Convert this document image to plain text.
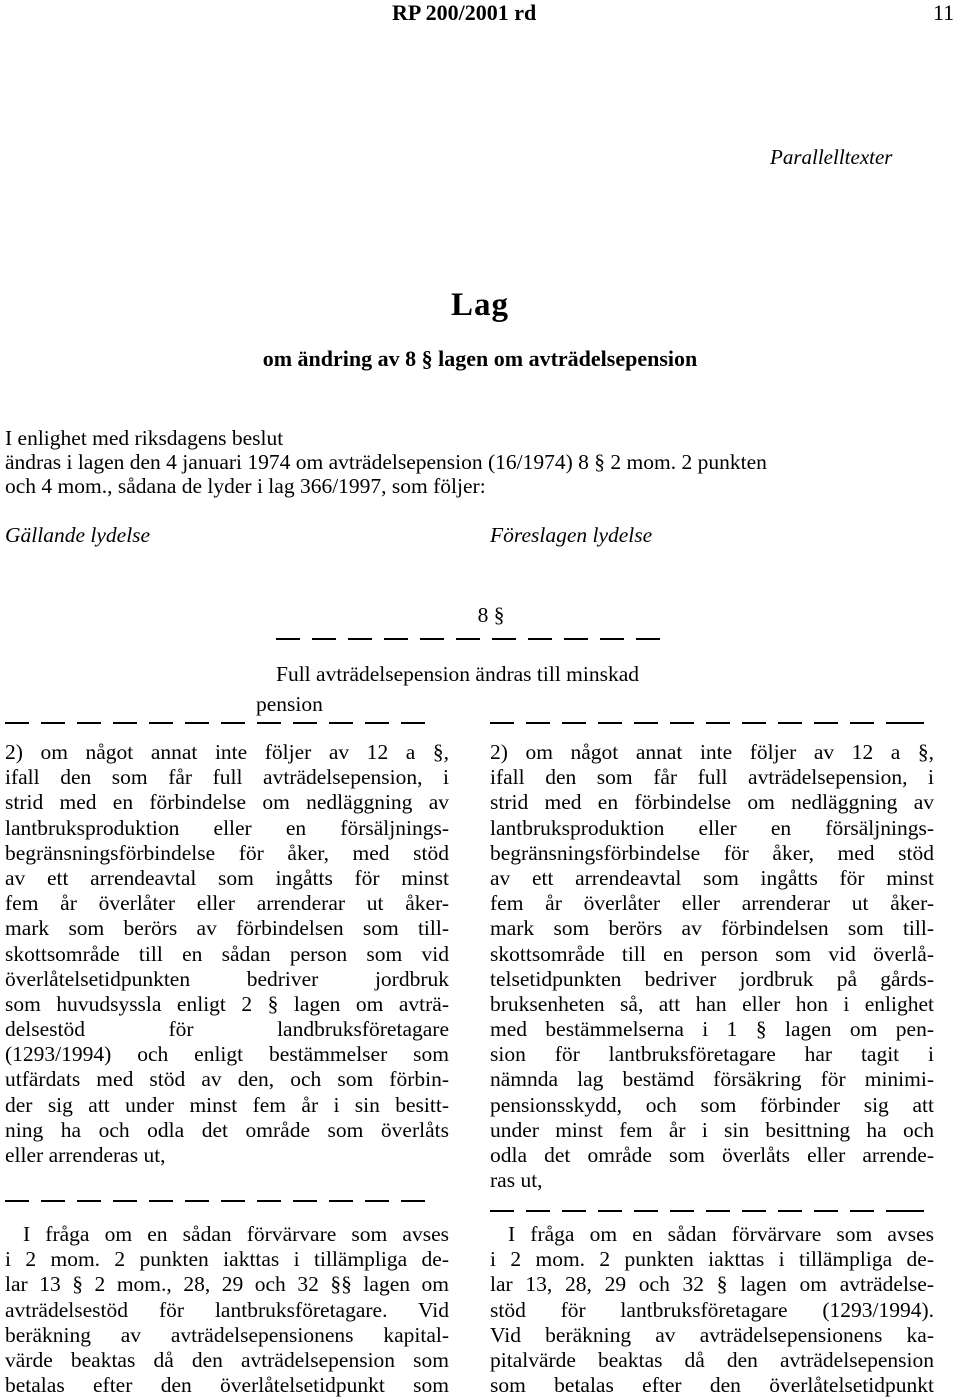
RP 200/2001 rd	11
Parallelltexter
Lag
om ändring av 8 § lagen om avträdelsepension
I enlighet med riksdagens beslut
ändras i lagen den 4 januari 1974 om avträdelsepension (16/1974) 8 § 2 mom. 2 punkten
och 4 mom., sådana de lyder i lag 366/1997, som följer:
Gällande lydelse	Föreslagen lydelse
8 §
Full avträdelsepension ändras till minskad
pension
2) om något annat inte följer av 12 a §,
ifall den som får full avträdelsepension, i
strid med en förbindelse om nedläggning av
lantbruksproduktion eller en försäljnings-
begränsningsförbindelse för åker, med stöd
av ett arrendeavtal som ingåtts för minst
fem år överlåter eller arrenderar ut åker-
mark som berörs av förbindelsen som till-
skottsområde till en sådan person som vid
överlåtelsetidpunkten bedriver jordbruk
som huvudsyssla enligt 2 § lagen om avträ-
delsestöd för landbruksföretagare
(1293/1994) och enligt bestämmelser som
utfärdats med stöd av den, och som förbin-
der sig att under minst fem år i sin besitt-
ning ha och odla det område som överlåts
eller arrenderas ut,
2) om något annat inte följer av 12 a §,
ifall den som får full avträdelsepension, i
strid med en förbindelse om nedläggning av
lantbruksproduktion eller en försäljnings-
begränsningsförbindelse för åker, med stöd
av ett arrendeavtal som ingåtts för minst
fem år överlåter eller arrenderar ut åker-
mark som berörs av förbindelsen som till-
skottsområde till en person som vid överlå-
telsetidpunkten bedriver jordbruk på gårds-
bruksenheten så, att han eller hon i enlighet
med bestämmelserna i 1 § lagen om pen-
sion för lantbruksföretagare har tagit i
nämnda lag bestämd försäkring för minimi-
pensionsskydd, och som förbinder sig att
under minst fem år i sin besittning ha och
odla det område som överlåts eller arrende-
ras ut,
I fråga om en sådan förvärvare som avses
i 2 mom. 2 punkten iakttas i tillämpliga de-
lar 13 § 2 mom., 28, 29 och 32 §§ lagen om
avträdelsestöd för lantbruksföretagare. Vid
beräkning av avträdelsepensionens kapital-
värde beaktas då den avträdelsepension som
betalas efter den överlåtelsetidpunkt som
I fråga om en sådan förvärvare som avses
i 2 mom. 2 punkten iakttas i tillämpliga de-
lar 13, 28, 29 och 32 § lagen om avträdelse-
stöd för lantbruksföretagare (1293/1994).
Vid beräkning av avträdelsepensionens ka-
pitalvärde beaktas då den avträdelsepension
som betalas efter den överlåtelsetidpunkt
